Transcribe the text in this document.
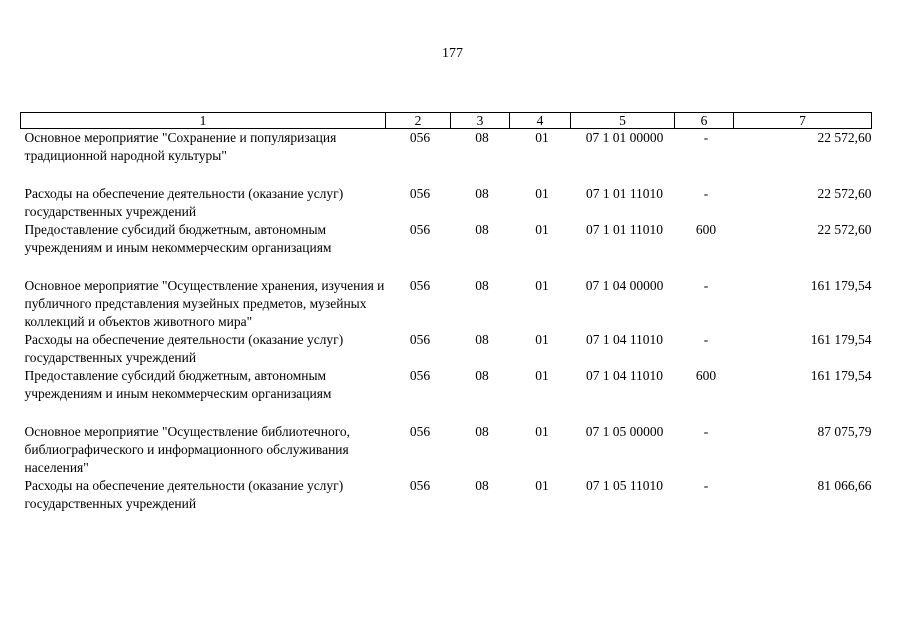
177
1	2	3	4	5	6	7
Основное мероприятие "Сохранение и популяризация традиционной народной культуры"	056	08	01	07 1 01 00000	-	22 572,60

Расходы на обеспечение деятельности (оказание услуг) государственных учреждений	056	08	01	07 1 01 11010	-	22 572,60
Предоставление субсидий бюджетным, автономным учреждениям и иным некоммерческим организациям	056	08	01	07 1 01 11010	600	22 572,60

Основное мероприятие "Осуществление хранения, изучения и публичного представления музейных предметов, музейных коллекций и объектов животного мира"	056	08	01	07 1 04 00000	-	161 179,54
Расходы на обеспечение деятельности (оказание услуг) государственных учреждений	056	08	01	07 1 04 11010	-	161 179,54
Предоставление субсидий бюджетным, автономным учреждениям и иным некоммерческим организациям	056	08	01	07 1 04 11010	600	161 179,54

Основное мероприятие "Осуществление библиотечного, библиографического и информационного обслуживания населения"	056	08	01	07 1 05 00000	-	87 075,79
Расходы на обеспечение деятельности (оказание услуг) государственных учреждений	056	08	01	07 1 05 11010	-	81 066,66
